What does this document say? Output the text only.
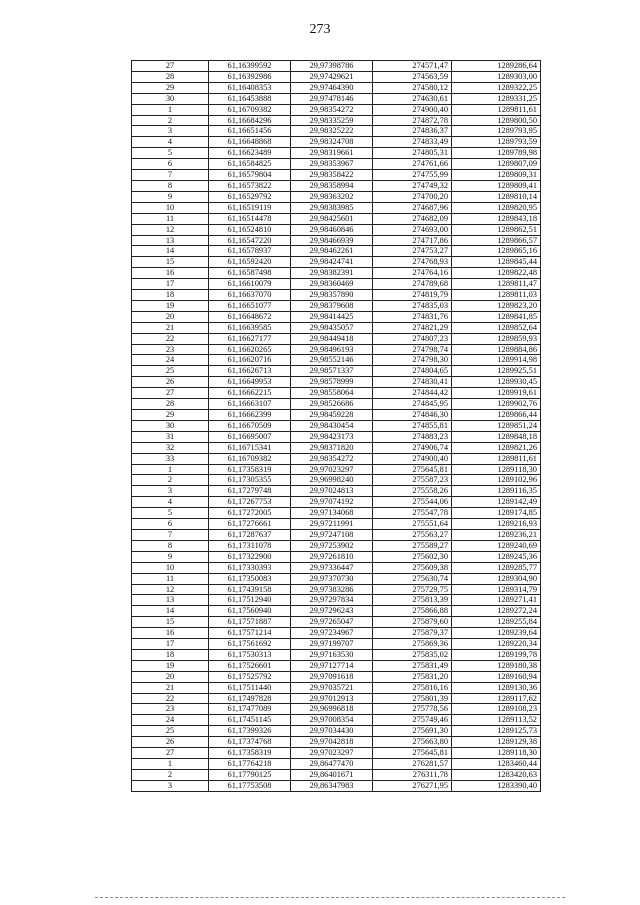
273
27	61,16399592	29,97398786	274571,47	1289286,64
28	61,16392986	29,97429621	274563,59	1289303,00
29	61,16408353	29,97464390	274580,12	1289322,25
30	61,16453888	29,97478146	274630,61	1289331,25
1	61,16709382	29,98354272	274900,40	1289811,61
2	61,16684296	29,98335259	274872,78	1289800,50
3	61,16651456	29,98325222	274836,37	1289793,95
4	61,16648868	29,98324708	274833,49	1289793,59
5	61,16623489	29,98319661	274805,31	1289789,98
6	61,16584825	29,98353967	274761,66	1289807,09
7	61,16579804	29,98358422	274755,99	1289809,31
8	61,16573822	29,98358994	274749,32	1289809,41
9	61,16529792	29,98363202	274700,20	1289810,14
10	61,16519119	29,98383985	274687,96	1289820,95
11	61,16514478	29,98425601	274682,09	1289843,18
12	61,16524810	29,98460846	274693,00	1289862,51
13	61,16547220	29,98466939	274717,86	1289866,57
14	61,16578937	29,98462261	274753,27	1289865,16
15	61,16592420	29,98424741	274768,93	1289845,44
16	61,16587498	29,98382391	274764,16	1289822,48
17	61,16610079	29,98360469	274789,68	1289811,47
18	61,16637070	29,98357890	274819,79	1289811,03
19	61,16651077	29,98379608	274835,03	1289823,20
20	61,16648672	29,98414425	274831,76	1289841,85
21	61,16639585	29,98435057	274821,29	1289852,64
22	61,16627177	29,98449418	274807,23	1289859,93
23	61,16620265	29,98496193	274798,74	1289884,86
24	61,16620716	29,98552146	274798,30	1289914,98
25	61,16626713	29,98571337	274804,65	1289925,51
26	61,16649953	29,98578999	274830,41	1289930,45
27	61,16662215	29,98558064	274844,42	1289919,61
28	61,16663107	29,98526686	274845,95	1289902,76
29	61,16662399	29,98459228	274846,30	1289866,44
30	61,16670509	29,98430454	274855,81	1289851,24
31	61,16695007	29,98423173	274883,23	1289848,18
32	61,16715341	29,98371820	274906,74	1289821,26
33	61,16709382	29,98354272	274900,40	1289811,61
1	61,17358319	29,97023297	275645,81	1289118,30
2	61,17305355	29,96998240	275587,23	1289102,96
3	61,17279748	29,97024813	275558,26	1289116,35
4	61,17267753	29,97074192	275544,06	1289142,49
5	61,17272005	29,97134068	275547,78	1289174,85
6	61,17276661	29,97211991	275551,64	1289216,93
7	61,17287637	29,97247108	275563,27	1289236,21
8	61,17311078	29,97253902	275589,27	1289240,69
9	61,17322900	29,97261810	275602,30	1289245,36
10	61,17330393	29,97336447	275609,38	1289285,77
11	61,17350083	29,97370730	275630,74	1289304,90
12	61,17439158	29,97383286	275729,75	1289314,79
13	61,17512940	29,97297834	275813,39	1289271,41
14	61,17560940	29,97296243	275866,88	1289272,24
15	61,17571887	29,97265047	275879,60	1289255,84
16	61,17571214	29,97234967	275879,37	1289239,64
17	61,17561692	29,97199707	275869,36	1289220,34
18	61,17530313	29,97163530	275835,02	1289199,78
19	61,17526601	29,97127714	275831,49	1289180,38
20	61,17525792	29,97091618	275831,20	1289160,94
21	61,17511440	29,97035721	275816,16	1289130,36
22	61,17497828	29,97012913	275801,39	1289117,62
23	61,17477089	29,96996818	275778,56	1289108,23
24	61,17451145	29,97008354	275749,46	1289113,52
25	61,17399326	29,97034430	275691,30	1289125,73
26	61,17374768	29,97042818	275663,80	1289129,38
27	61,17358319	29,97023297	275645,81	1289118,30
1	61,17764218	29,86477470	276281,57	1283460,44
2	61,17790125	29,86401671	276311,78	1283420,63
3	61,17753508	29,86347983	276271,95	1283390,40
